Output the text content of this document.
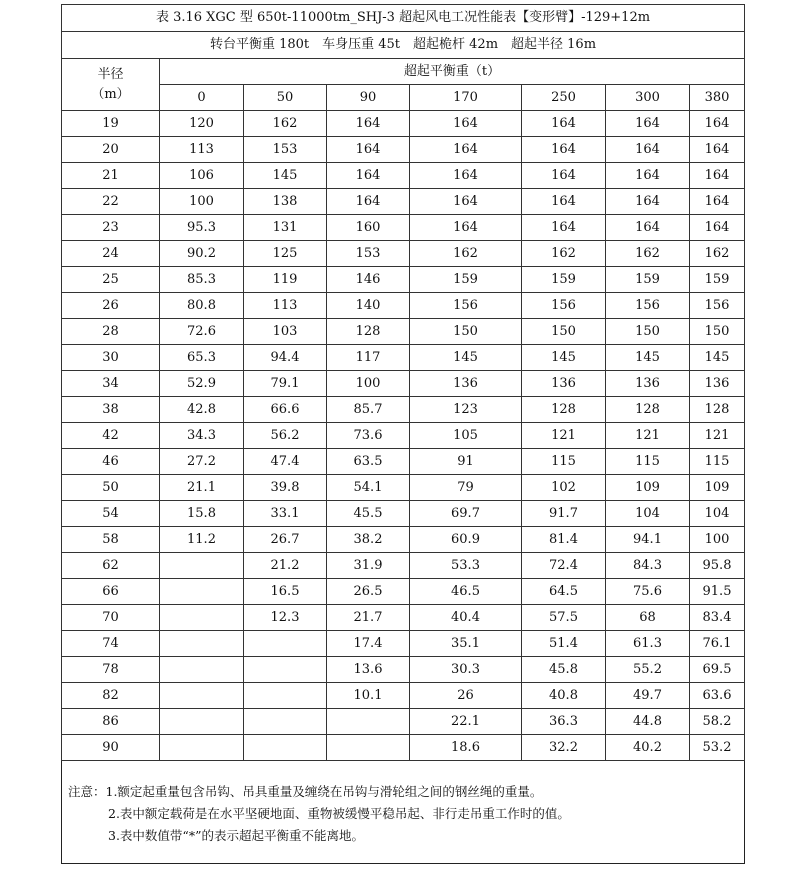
表 3.16 XGC 型 650t-11000tm_SHJ-3 超起风电工况性能表【变形臂】-129+12m							
转台平衡重 180t　车身压重 45t　超起桅杆 42m　超起半径 16m							

半径
（m）	超起平衡重（t）						
	0	50	90	170	250	300	380
19	120	162	164	164	164	164	164
20	113	153	164	164	164	164	164
21	106	145	164	164	164	164	164
22	100	138	164	164	164	164	164
23	95.3	131	160	164	164	164	164
24	90.2	125	153	162	162	162	162
25	85.3	119	146	159	159	159	159
26	80.8	113	140	156	156	156	156
28	72.6	103	128	150	150	150	150
30	65.3	94.4	117	145	145	145	145
34	52.9	79.1	100	136	136	136	136
38	42.8	66.6	85.7	123	128	128	128
42	34.3	56.2	73.6	105	121	121	121
46	27.2	47.4	63.5	91	115	115	115
50	21.1	39.8	54.1	79	102	109	109
54	15.8	33.1	45.5	69.7	91.7	104	104
58	11.2	26.7	38.2	60.9	81.4	94.1	100
62		21.2	31.9	53.3	72.4	84.3	95.8
66		16.5	26.5	46.5	64.5	75.6	91.5
70		12.3	21.7	40.4	57.5	68	83.4
74			17.4	35.1	51.4	61.3	76.1
78			13.6	30.3	45.8	55.2	69.5
82			10.1	26	40.8	49.7	63.6
86				22.1	36.3	44.8	58.2
90				18.6	32.2	40.2	53.2
注意：1.额定起重量包含吊钩、吊具重量及缠绕在吊钩与滑轮组之间的钢丝绳的重量。
2.表中额定载荷是在水平坚硬地面、重物被缓慢平稳吊起、非行走吊重工作时的值。
3.表中数值带“*”的表示超起平衡重不能离地。
